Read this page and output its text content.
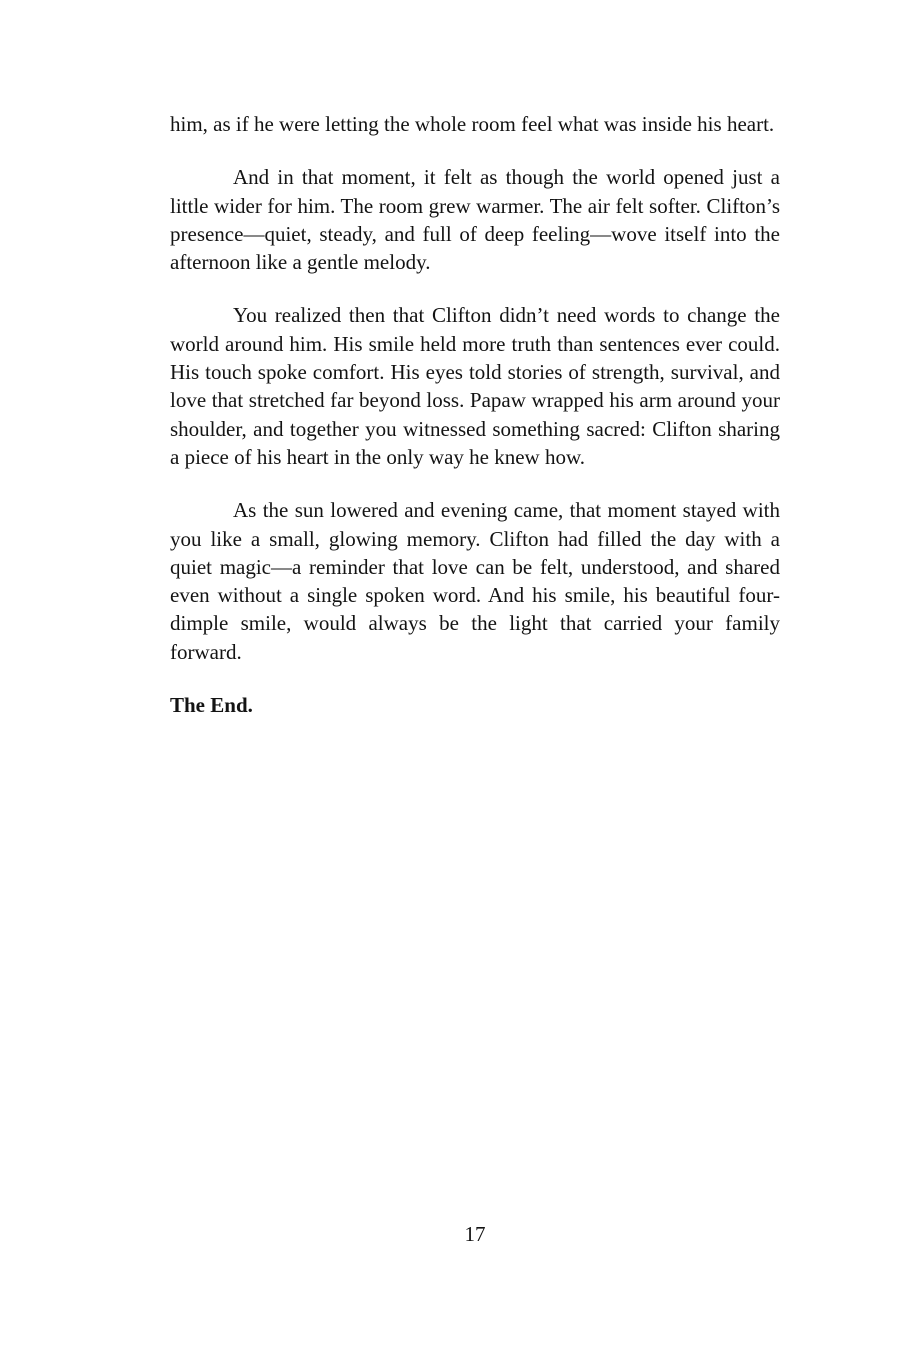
him, as if he were letting the whole room feel what was inside his heart.

And in that moment, it felt as though the world opened just a little wider for him. The room grew warmer. The air felt softer. Clifton’s presence—quiet, steady, and full of deep feeling—wove itself into the afternoon like a gentle melody.

You realized then that Clifton didn’t need words to change the world around him. His smile held more truth than sentences ever could. His touch spoke comfort. His eyes told stories of strength, survival, and love that stretched far beyond loss. Papaw wrapped his arm around your shoulder, and together you witnessed something sacred: Clifton sharing a piece of his heart in the only way he knew how.

As the sun lowered and evening came, that moment stayed with you like a small, glowing memory. Clifton had filled the day with a quiet magic—a reminder that love can be felt, understood, and shared even without a single spoken word. And his smile, his beautiful four-dimple smile, would always be the light that carried your family forward.

The End.

17
